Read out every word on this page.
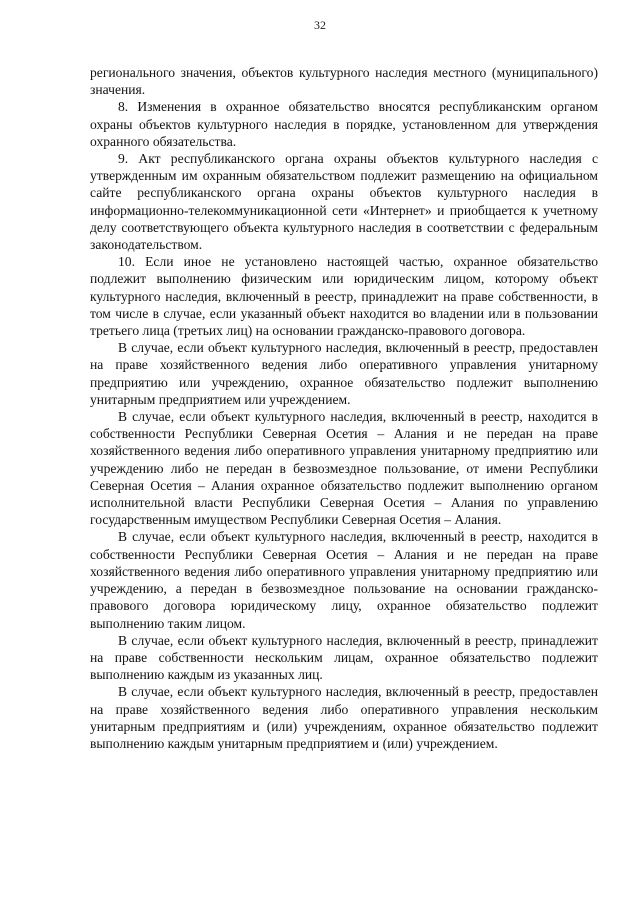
32

регионального значения, объектов культурного наследия местного (муниципального) значения.

8. Изменения в охранное обязательство вносятся республиканским органом охраны объектов культурного наследия в порядке, установленном для утверждения охранного обязательства.

9. Акт республиканского органа охраны объектов культурного наследия с утвержденным им охранным обязательством подлежит размещению на официальном сайте республиканского органа охраны объектов культурного наследия в информационно-телекоммуникационной сети «Интернет» и приобщается к учетному делу соответствующего объекта культурного наследия в соответствии с федеральным законодательством.

10. Если иное не установлено настоящей частью, охранное обязательство подлежит выполнению физическим или юридическим лицом, которому объект культурного наследия, включенный в реестр, принадлежит на праве собственности, в том числе в случае, если указанный объект находится во владении или в пользовании третьего лица (третьих лиц) на основании гражданско-правового договора.

В случае, если объект культурного наследия, включенный в реестр, предоставлен на праве хозяйственного ведения либо оперативного управления унитарному предприятию или учреждению, охранное обязательство подлежит выполнению унитарным предприятием или учреждением.

В случае, если объект культурного наследия, включенный в реестр, находится в собственности Республики Северная Осетия – Алания и не передан на праве хозяйственного ведения либо оперативного управления унитарному предприятию или учреждению либо не передан в безвозмездное пользование, от имени Республики Северная Осетия – Алания охранное обязательство подлежит выполнению органом исполнительной власти Республики Северная Осетия – Алания по управлению государственным имуществом Республики Северная Осетия – Алания.

В случае, если объект культурного наследия, включенный в реестр, находится в собственности Республики Северная Осетия – Алания и не передан на праве хозяйственного ведения либо оперативного управления унитарному предприятию или учреждению, а передан в безвозмездное пользование на основании гражданско-правового договора юридическому лицу, охранное обязательство подлежит выполнению таким лицом.

В случае, если объект культурного наследия, включенный в реестр, принадлежит на праве собственности нескольким лицам, охранное обязательство подлежит выполнению каждым из указанных лиц.

В случае, если объект культурного наследия, включенный в реестр, предоставлен на праве хозяйственного ведения либо оперативного управления нескольким унитарным предприятиям и (или) учреждениям, охранное обязательство подлежит выполнению каждым унитарным предприятием и (или) учреждением.
